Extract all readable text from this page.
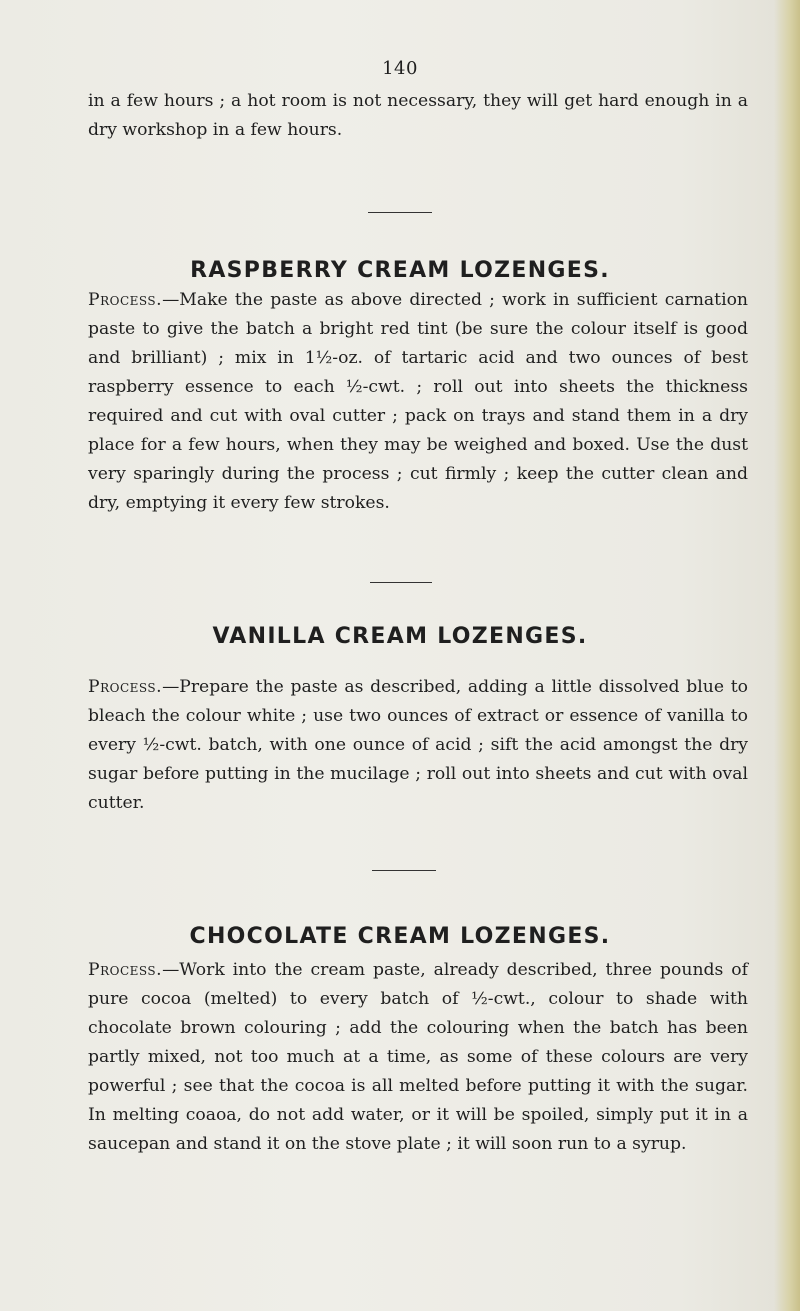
140

in a few hours ; a hot room is not necessary, they will get hard enough in a dry workshop in a few hours.

RASPBERRY CREAM LOZENGES.

Process.—Make the paste as above directed ; work in sufficient carnation paste to give the batch a bright red tint (be sure the colour itself is good and brilliant) ; mix in 1½-oz. of tartaric acid and two ounces of best raspberry essence to each ½-cwt. ; roll out into sheets the thickness required and cut with oval cutter ; pack on trays and stand them in a dry place for a few hours, when they may be weighed and boxed. Use the dust very sparingly during the process ; cut firmly ; keep the cutter clean and dry, emptying it every few strokes.

VANILLA CREAM LOZENGES.

Process.—Prepare the paste as described, adding a little dissolved blue to bleach the colour white ; use two ounces of extract or essence of vanilla to every ½-cwt. batch, with one ounce of acid ; sift the acid amongst the dry sugar before putting in the mucilage ; roll out into sheets and cut with oval cutter.

CHOCOLATE CREAM LOZENGES.

Process.—Work into the cream paste, already described, three pounds of pure cocoa (melted) to every batch of ½-cwt., colour to shade with chocolate brown colouring ; add the colouring when the batch has been partly mixed, not too much at a time, as some of these colours are very powerful ; see that the cocoa is all melted before putting it with the sugar. In melting coaoa, do not add water, or it will be spoiled, simply put it in a saucepan and stand it on the stove plate ; it will soon run to a syrup.
